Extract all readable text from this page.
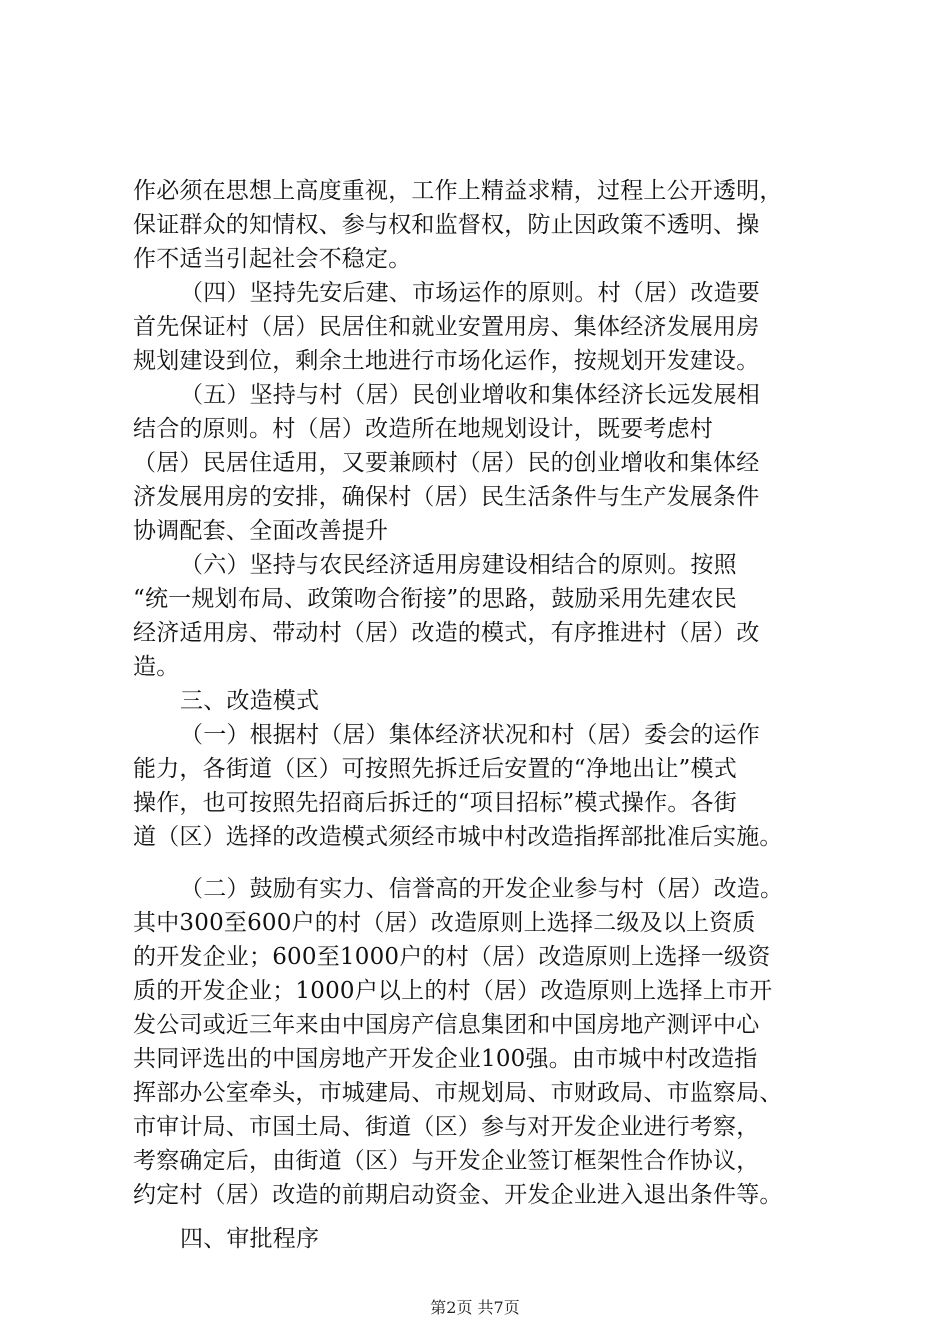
作必须在思想上高度重视，工作上精益求精，过程上公开透明，
保证群众的知情权、参与权和监督权，防止因政策不透明、操
作不适当引起社会不稳定。
（四）坚持先安后建、市场运作的原则。村（居）改造要
首先保证村（居）民居住和就业安置用房、集体经济发展用房
规划建设到位，剩余土地进行市场化运作，按规划开发建设。
（五）坚持与村（居）民创业增收和集体经济长远发展相
结合的原则。村（居）改造所在地规划设计，既要考虑村
（居）民居住适用，又要兼顾村（居）民的创业增收和集体经
济发展用房的安排，确保村（居）民生活条件与生产发展条件
协调配套、全面改善提升
（六）坚持与农民经济适用房建设相结合的原则。按照
“统一规划布局、政策吻合衔接”的思路，鼓励采用先建农民
经济适用房、带动村（居）改造的模式，有序推进村（居）改
造。
三、改造模式
（一）根据村（居）集体经济状况和村（居）委会的运作
能力，各街道（区）可按照先拆迁后安置的“净地出让”模式
操作，也可按照先招商后拆迁的“项目招标”模式操作。各街
道（区）选择的改造模式须经市城中村改造指挥部批准后实施。
（二）鼓励有实力、信誉高的开发企业参与村（居）改造。
其中300至600户的村（居）改造原则上选择二级及以上资质
的开发企业；600至1000户的村（居）改造原则上选择一级资
质的开发企业；1000户以上的村（居）改造原则上选择上市开
发公司或近三年来由中国房产信息集团和中国房地产测评中心
共同评选出的中国房地产开发企业100强。由市城中村改造指
挥部办公室牵头，市城建局、市规划局、市财政局、市监察局、
市审计局、市国土局、街道（区）参与对开发企业进行考察，
考察确定后，由街道（区）与开发企业签订框架性合作协议，
约定村（居）改造的前期启动资金、开发企业进入退出条件等。
四、审批程序
第2页 共7页
